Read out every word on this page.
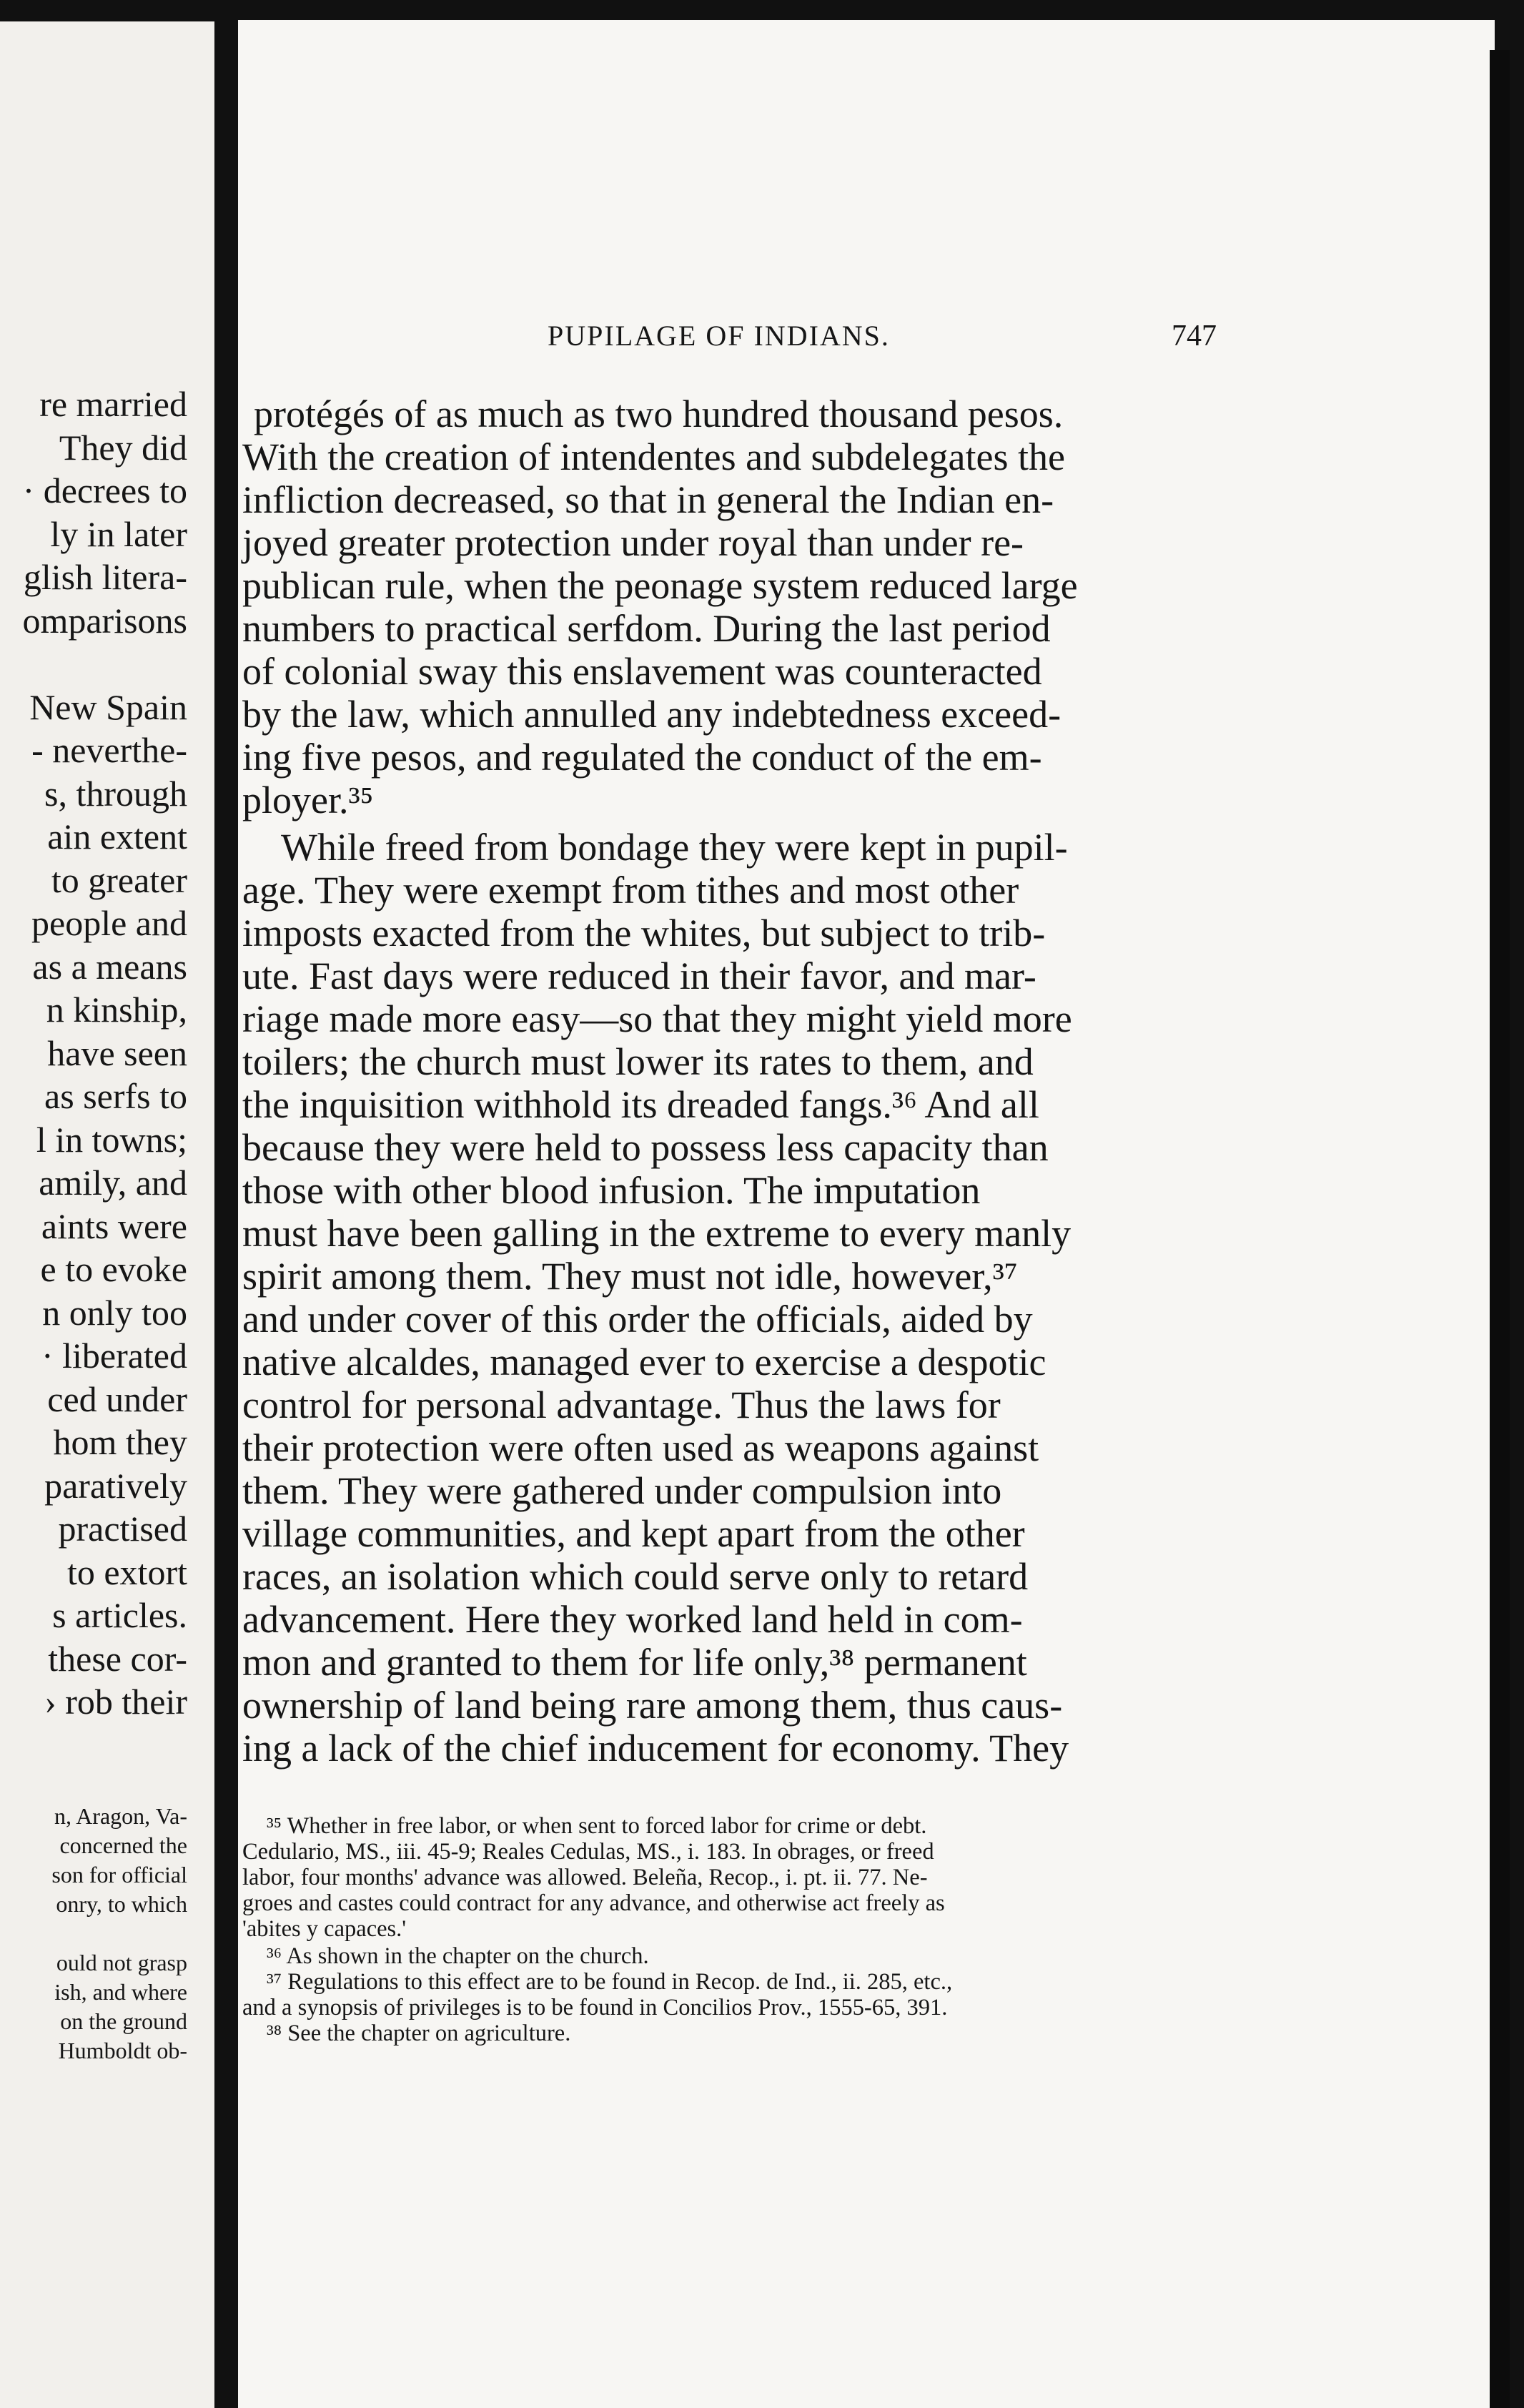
re married
They did
· decrees to
ly in later
glish litera-
omparisons

New Spain
- neverthe-
s, through
ain extent
to greater
people and
as a means
n kinship,
have seen
as serfs to
l in towns;
amily, and
aints were
e to evoke
n only too
· liberated
ced under
hom they
paratively
practised
to extort
s articles.
these cor-
› rob their
n, Aragon, Va-
concerned the
son for official
onry, to which

ould not grasp
ish, and where
on the ground
Humboldt ob-
PUPILAGE OF INDIANS.	747
protégés of as much as two hundred thousand pesos.
With the creation of intendentes and subdelegates the
infliction decreased, so that in general the Indian en-
joyed greater protection under royal than under re-
publican rule, when the peonage system reduced large
numbers to practical serfdom. During the last period
of colonial sway this enslavement was counteracted
by the law, which annulled any indebtedness exceed-
ing five pesos, and regulated the conduct of the em-
ployer.³⁵
While freed from bondage they were kept in pupil-
age. They were exempt from tithes and most other
imposts exacted from the whites, but subject to trib-
ute. Fast days were reduced in their favor, and mar-
riage made more easy—so that they might yield more
toilers; the church must lower its rates to them, and
the inquisition withhold its dreaded fangs.³⁶ And all
because they were held to possess less capacity than
those with other blood infusion. The imputation
must have been galling in the extreme to every manly
spirit among them. They must not idle, however,³⁷
and under cover of this order the officials, aided by
native alcaldes, managed ever to exercise a despotic
control for personal advantage. Thus the laws for
their protection were often used as weapons against
them. They were gathered under compulsion into
village communities, and kept apart from the other
races, an isolation which could serve only to retard
advancement. Here they worked land held in com-
mon and granted to them for life only,³⁸ permanent
ownership of land being rare among them, thus caus-
ing a lack of the chief inducement for economy. They
³⁵ Whether in free labor, or when sent to forced labor for crime or debt.
Cedulario, MS., iii. 45-9; Reales Cedulas, MS., i. 183. In obrages, or freed
labor, four months' advance was allowed. Beleña, Recop., i. pt. ii. 77. Ne-
groes and castes could contract for any advance, and otherwise act freely as
'abites y capaces.'
³⁶ As shown in the chapter on the church.
³⁷ Regulations to this effect are to be found in Recop. de Ind., ii. 285, etc.,
and a synopsis of privileges is to be found in Concilios Prov., 1555-65, 391.
³⁸ See the chapter on agriculture.
